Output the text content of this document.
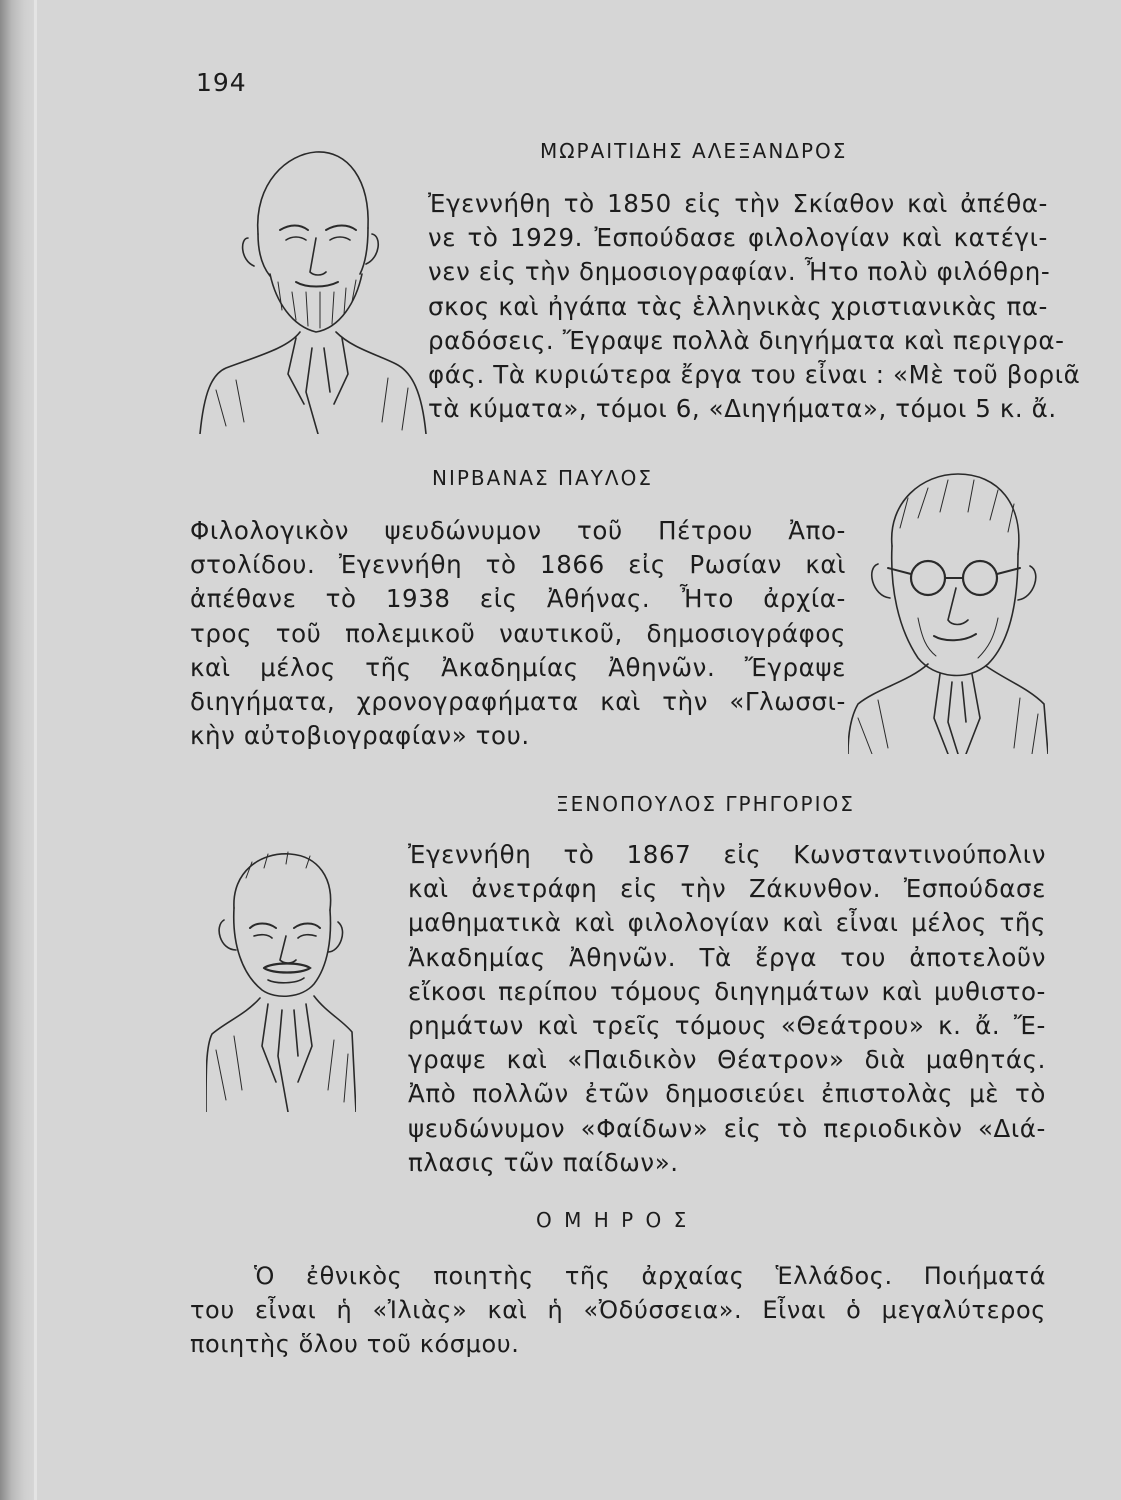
194
ΜΩΡΑΙΤΙΔΗΣ ΑΛΕΞΑΝΔΡΟΣ

Ἐγεννήθη τὸ 1850 εἰς τὴν Σκίαθον καὶ ἀπέθα-
νε τὸ 1929. Ἐσπούδασε φιλολογίαν καὶ κατέγι-
νεν εἰς τὴν δημοσιογραφίαν. Ἦτο πολὺ φιλόθρη-
σκος καὶ ἠγάπα τὰς ἑλληνικὰς χριστιανικὰς πα-
ραδόσεις. Ἔγραψε πολλὰ διηγήματα καὶ περιγρα-
φάς. Τὰ κυριώτερα ἔργα του εἶναι : «Μὲ τοῦ βοριᾶ
τὰ κύματα», τόμοι 6, «Διηγήματα», τόμοι 5 κ. ἄ.

ΝΙΡΒΑΝΑΣ ΠΑΥΛΟΣ

Φιλολογικὸν ψευδώνυμον τοῦ Πέτρου Ἀπο-
στολίδου. Ἐγεννήθη τὸ 1866 εἰς Ρωσίαν καὶ
ἀπέθανε τὸ 1938 εἰς Ἀθήνας. Ἦτο ἀρχία-
τρος τοῦ πολεμικοῦ ναυτικοῦ, δημοσιογράφος
καὶ μέλος τῆς Ἀκαδημίας Ἀθηνῶν. Ἔγραψε
διηγήματα, χρονογραφήματα καὶ τὴν «Γλωσσι-
κὴν αὐτοβιογραφίαν» του.

ΞΕΝΟΠΟΥΛΟΣ ΓΡΗΓΟΡΙΟΣ

Ἐγεννήθη τὸ 1867 εἰς Κωνσταντινούπολιν
καὶ ἀνετράφη εἰς τὴν Ζάκυνθον. Ἐσπούδασε
μαθηματικὰ καὶ φιλολογίαν καὶ εἶναι μέλος τῆς
Ἀκαδημίας Ἀθηνῶν. Τὰ ἔργα του ἀποτελοῦν
εἴκοσι περίπου τόμους διηγημάτων καὶ μυθιστο-
ρημάτων καὶ τρεῖς τόμους «Θεάτρου» κ. ἄ. Ἔ-
γραψε καὶ «Παιδικὸν Θέατρον» διὰ μαθητάς.
Ἀπὸ πολλῶν ἐτῶν δημοσιεύει ἐπιστολὰς μὲ τὸ
ψευδώνυμον «Φαίδων» εἰς τὸ περιοδικὸν «Διά-
πλασις τῶν παίδων».

Ο Μ Η Ρ Ο Σ

Ὁ ἐθνικὸς ποιητὴς τῆς ἀρχαίας Ἑλλάδος. Ποιήματά
του εἶναι ἡ «Ἰλιὰς» καὶ ἡ «Ὀδύσσεια». Εἶναι ὁ μεγαλύτερος
ποιητὴς ὅλου τοῦ κόσμου.
